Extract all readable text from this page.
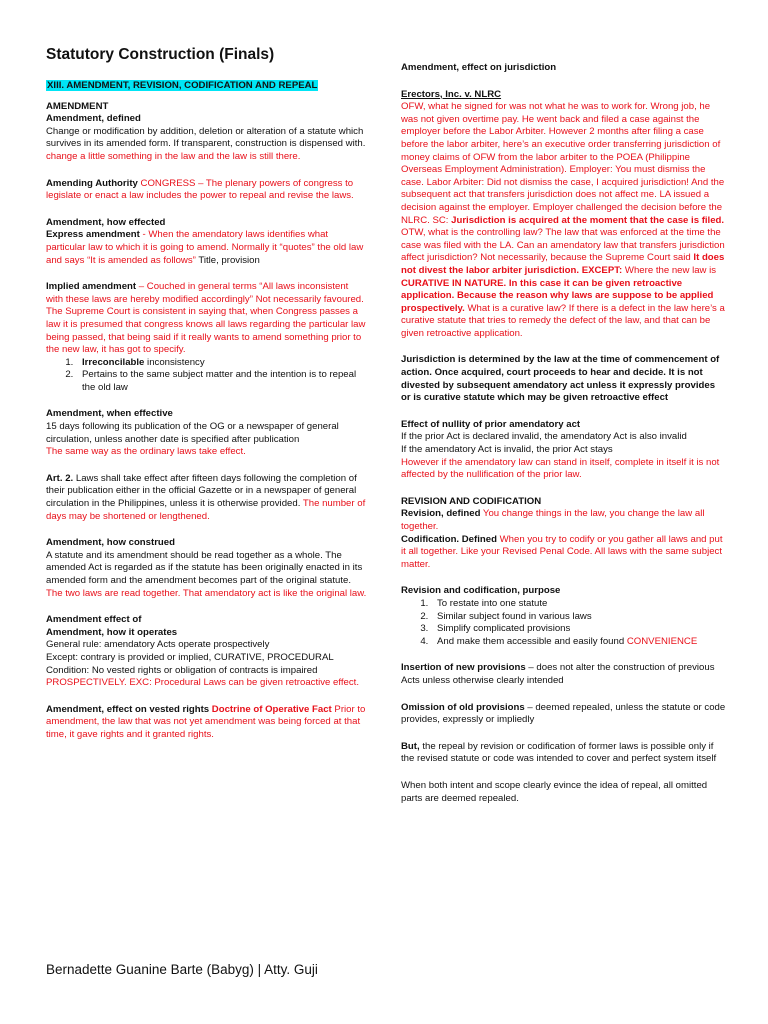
Statutory Construction (Finals)

XIII. AMENDMENT, REVISION, CODIFICATION AND REPEAL

AMENDMENT

Amendment, defined

Change or modification by addition, deletion or alteration of a statute which survives in its amended form. If transparent, construction is dispensed with.

change a little something in the law and the law is still there.

Amending Authority CONGRESS – The plenary powers of congress to legislate or enact a law includes the power to repeal and revise the laws.

Amendment, how effected

Express amendment - When the amendatory laws identifies what particular law to which it is going to amend. Normally it “quotes” the old law and says “It is amended as follows” Title, provision

Implied amendment – Couched in general terms “All laws inconsistent with these laws are hereby modified accordingly” Not necessarily favoured. The Supreme Court is consistent in saying that, when Congress passes a law it is presumed that congress knows all laws regarding the particular law being passed, that being said if it really wants to amend something prior to the new law, it has got to specify.

1. Irreconcilable inconsistency
2. Pertains to the same subject matter and the intention is to repeal the old law

Amendment, when effective

15 days following its publication of the OG or a newspaper of general circulation, unless another date is specified after publication

The same way as the ordinary laws take effect.

Art. 2. Laws shall take effect after fifteen days following the completion of their publication either in the official Gazette or in a newspaper of general circulation in the Philippines, unless it is otherwise provided. The number of days may be shortened or lengthened.

Amendment, how construed

A statute and its amendment should be read together as a whole. The amended Act is regarded as if the statute has been originally enacted in its amended form and the amendment becomes part of the original statute. The two laws are read together. That amendatory act is like the original law.

Amendment effect of

Amendment, how it operates

General rule: amendatory Acts operate prospectively

Except: contrary is provided or implied, CURATIVE, PROCEDURAL

Condition: No vested rights or obligation of contracts is impaired

PROSPECTIVELY. EXC: Procedural Laws can be given retroactive effect.

Amendment, effect on vested rights Doctrine of Operative Fact Prior to amendment, the law that was not yet amendment was being forced at that time, it gave rights and it granted rights.

Amendment, effect on jurisdiction

Erectors, Inc. v. NLRC

OFW, what he signed for was not what he was to work for. Wrong job, he was not given overtime pay. He went back and filed a case against the employer before the Labor Arbiter. However 2 months after filing a case before the labor arbiter, here’s an executive order transferring jurisdiction of money claims of OFW from the labor arbiter to the POEA (Philippine Overseas Employment Administration). Employer: You must dismiss the case. Labor Arbiter: Did not dismiss the case, I acquired jurisdiction! And the subsequent act that transfers jurisdiction does not affect me. LA issued a decision against the employer. Employer challenged the decision before the NLRC. SC: Jurisdiction is acquired at the moment that the case is filed. OTW, what is the controlling law? The law that was enforced at the time the case was filed with the LA. Can an amendatory law that transfers jurisdiction affect jurisdiction? Not necessarily, because the Supreme Court said It does not divest the labor arbiter jurisdiction. EXCEPT: Where the new law is CURATIVE IN NATURE. In this case it can be given retroactive application. Because the reason why laws are suppose to be applied prospectively. What is a curative law? If there is a defect in the law here’s a curative statute that tries to remedy the defect of the law, and that can be given retroactive application.

Jurisdiction is determined by the law at the time of commencement of action. Once acquired, court proceeds to hear and decide. It is not divested by subsequent amendatory act unless it expressly provides or is curative statute which may be given retroactive effect

Effect of nullity of prior amendatory act

If the prior Act is declared invalid, the amendatory Act is also invalid

If the amendatory Act is invalid, the prior Act stays

However if the amendatory law can stand in itself, complete in itself it is not affected by the nullification of the prior law.

REVISION AND CODIFICATION

Revision, defined You change things in the law, you change the law all together.

Codification. Defined When you try to codify or you gather all laws and put it all together. Like your Revised Penal Code. All laws with the same subject matter.

Revision and codification, purpose

1. To restate into one statute
2. Similar subject found in various laws
3. Simplify complicated provisions
4. And make them accessible and easily found CONVENIENCE

Insertion of new provisions – does not alter the construction of previous Acts unless otherwise clearly intended

Omission of old provisions – deemed repealed, unless the statute or code provides, expressly or impliedly

But, the repeal by revision or codification of former laws is possible only if the revised statute or code was intended to cover and perfect system itself

When both intent and scope clearly evince the idea of repeal, all omitted parts are deemed repealed.

Bernadette Guanine Barte (Babyg) | Atty. Guji
